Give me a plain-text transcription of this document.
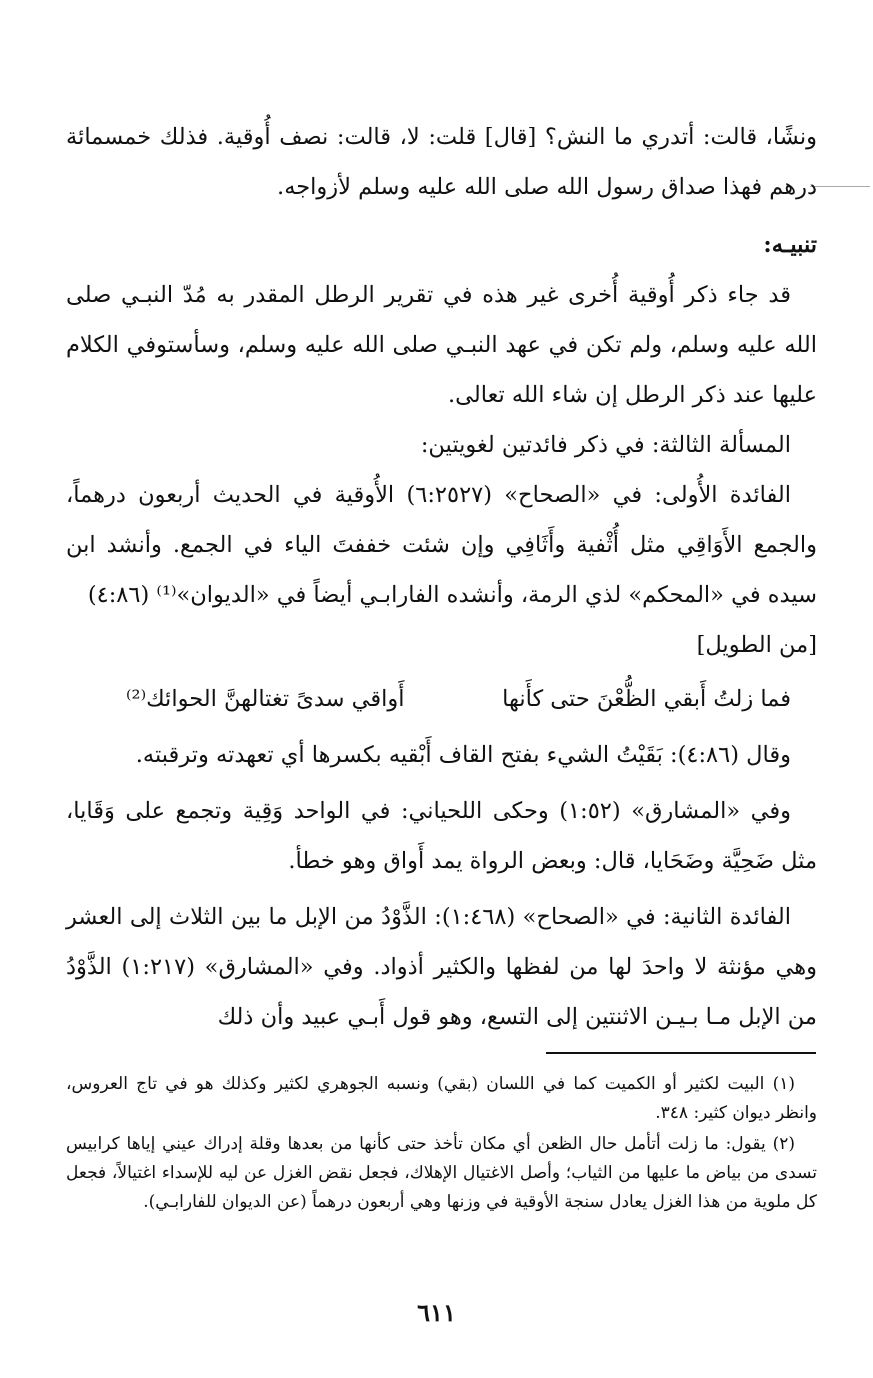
ونشًا، قالت: أتدري ما النش؟ [قال] قلت: لا، قالت: نصف أُوقية. فذلك خمسمائة درهم فهذا صداق رسول الله صلى الله عليه وسلم لأزواجه.

تنبيـه:

قد جاء ذكر أُوقية أُخرى غير هذه في تقرير الرطل المقدر به مُدّ النبـي صلى الله عليه وسلم، ولم تكن في عهد النبـي صلى الله عليه وسلم، وسأستوفي الكلام عليها عند ذكر الرطل إن شاء الله تعالى.

المسألة الثالثة: في ذكر فائدتين لغويتين:

الفائدة الأُولى: في «الصحاح» (٦:٢٥٢٧) الأُوقية في الحديث أربعون درهماً، والجمع الأَوَاقِي مثل أُثْفية وأَثَافِي وإن شئت خففتَ الياء في الجمع. وأنشد ابن سيده في «المحكم» لذي الرمة، وأنشده الفارابـي أيضاً في «الديوان»⁽¹⁾ (٤:٨٦)

[من الطويل]

فما زلتُ أَبقي الظُّعْنَ حتى كأَنها
أَواقي سدىً تغتالهنَّ الحوائك⁽²⁾

وقال (٤:٨٦): بَقَيْتُ الشيء بفتح القاف أَبْقيه بكسرها أي تعهدته وترقبته.

وفي «المشارق» (١:٥٢) وحكى اللحياني: في الواحد وَقِية وتجمع على وَقَايا، مثل ضَحِيَّة وضَحَايا، قال: وبعض الرواة يمد أَواق وهو خطأ.

الفائدة الثانية: في «الصحاح» (١:٤٦٨): الذَّوْدُ من الإبل ما بين الثلاث إلى العشر وهي مؤنثة لا واحدَ لها من لفظها والكثير أذواد. وفي «المشارق» (١:٢١٧) الذَّوْدُ من الإبل مـا بـيـن الاثنتين إلى التسع، وهو قول أَبـي عبيد وأن ذلك

(١) البيت لكثير أو الكميت كما في اللسان (بقي) ونسبه الجوهري لكثير وكذلك هو في تاج العروس، وانظر ديوان كثير: ٣٤٨.

(٢) يقول: ما زلت أتأمل حال الظعن أي مكان تأخذ حتى كأنها من بعدها وقلة إدراك عيني إياها كرابيس تسدى من بياض ما عليها من الثياب؛ وأصل الاغتيال الإهلاك، فجعل نقض الغزل عن ليه للإسداء اغتيالاً، فجعل كل ملوية من هذا الغزل يعادل سنجة الأوقية في وزنها وهي أربعون درهماً (عن الديوان للفارابـي).

٦١١
